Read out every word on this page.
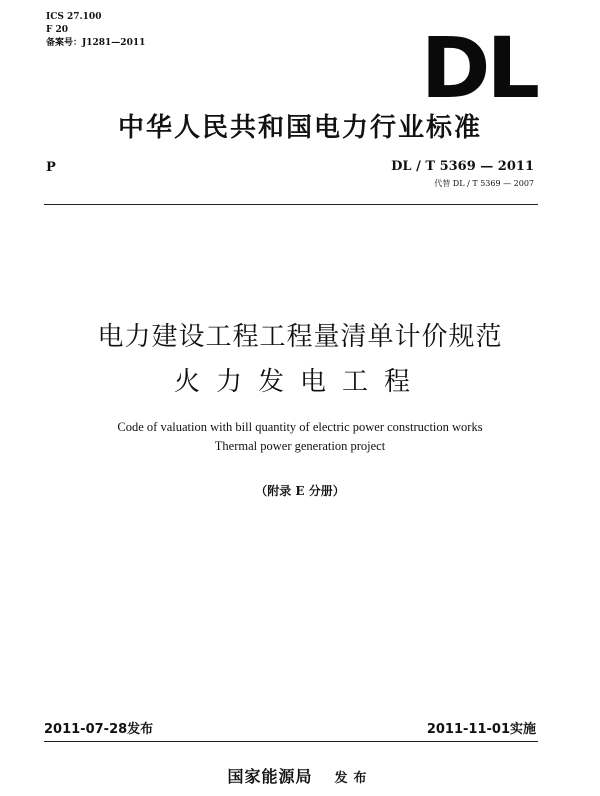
ICS 27.100
F 20
备案号：J1281—2011	DL
中华人民共和国电力行业标准
P	DL / T 5369 — 2011
代替 DL / T 5369 — 2007
电力建设工程工程量清单计价规范
火力发电工程
Code of valuation with bill quantity of electric power construction works
Thermal power generation project
（附录 E 分册）
2011-07-28发布	2011-11-01实施
国家能源局 发布
